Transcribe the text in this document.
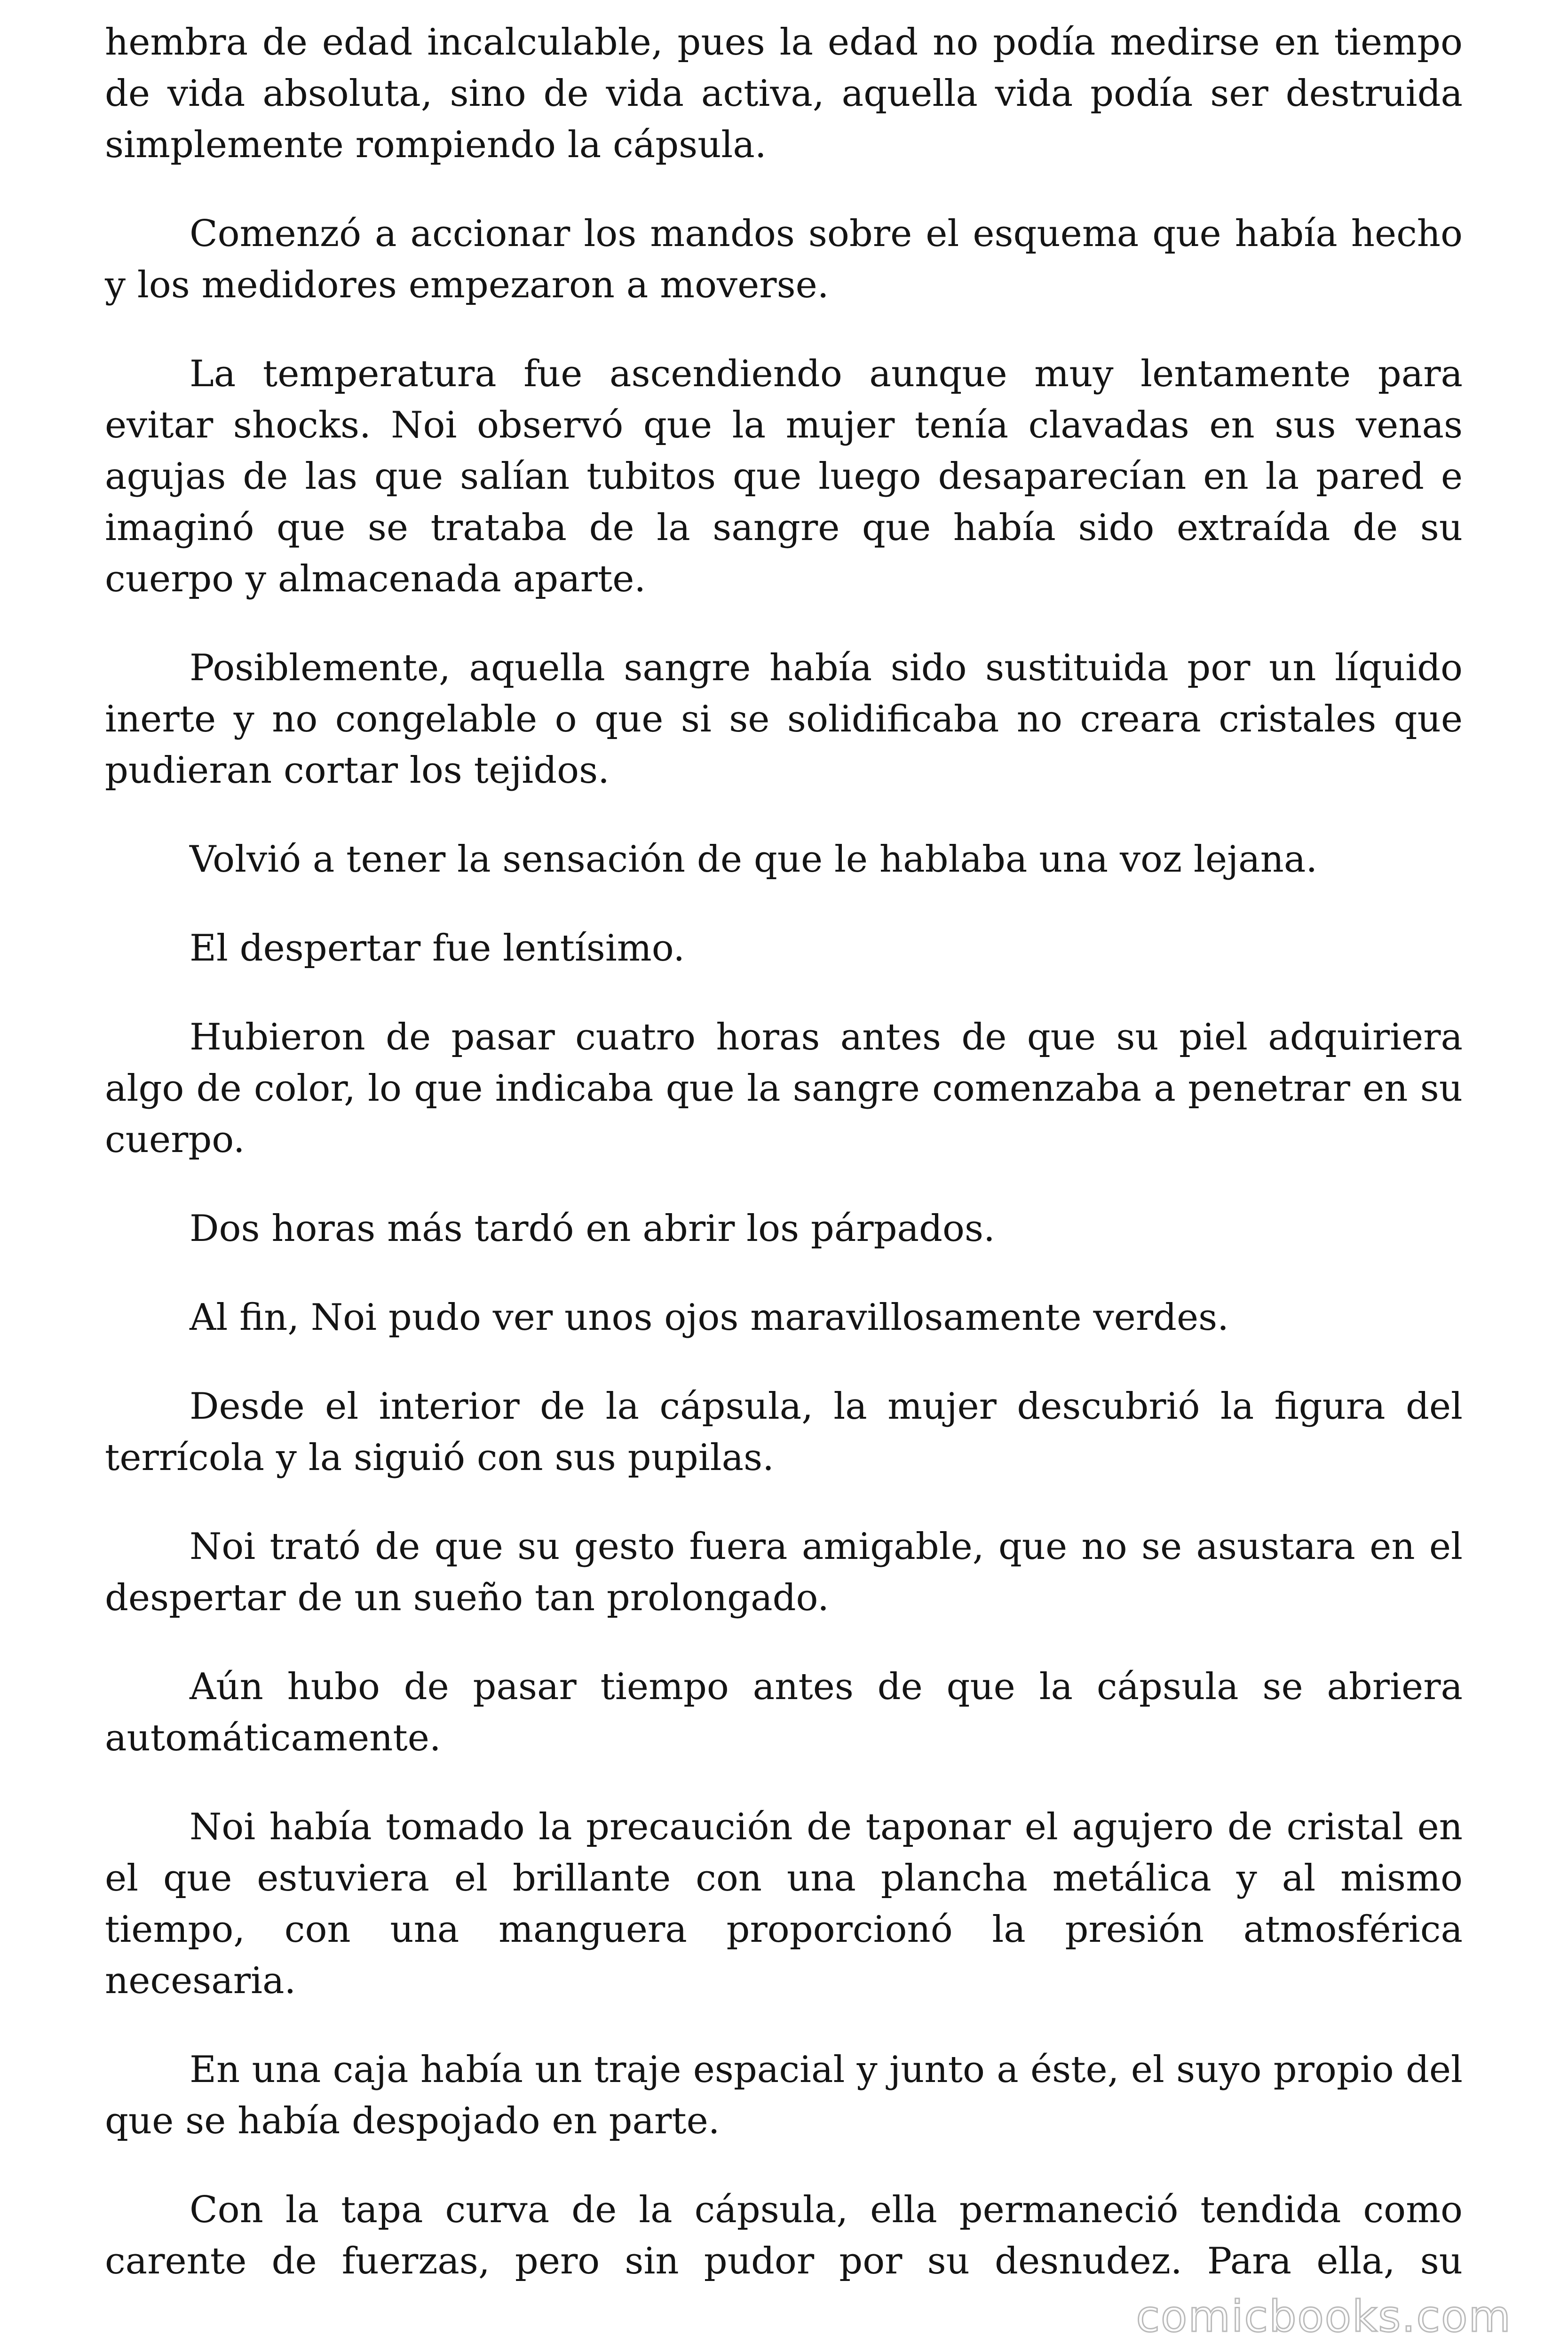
hembra de edad incalculable, pues la edad no podía medirse en tiempo de vida absoluta, sino de vida activa, aquella vida podía ser destruida simplemente rompiendo la cápsula.

Comenzó a accionar los mandos sobre el esquema que había hecho y los medidores empezaron a moverse.

La temperatura fue ascendiendo aunque muy lentamente para evitar shocks. Noi observó que la mujer tenía clavadas en sus venas agujas de las que salían tubitos que luego desaparecían en la pared e imaginó que se trataba de la sangre que había sido extraída de su cuerpo y almacenada aparte.

Posiblemente, aquella sangre había sido sustituida por un líquido inerte y no congelable o que si se solidificaba no creara cristales que pudieran cortar los tejidos.

Volvió a tener la sensación de que le hablaba una voz lejana.

El despertar fue lentísimo.

Hubieron de pasar cuatro horas antes de que su piel adquiriera algo de color, lo que indicaba que la sangre comenzaba a penetrar en su cuerpo.

Dos horas más tardó en abrir los párpados.

Al fin, Noi pudo ver unos ojos maravillosamente verdes.

Desde el interior de la cápsula, la mujer descubrió la figura del terrícola y la siguió con sus pupilas.

Noi trató de que su gesto fuera amigable, que no se asustara en el despertar de un sueño tan prolongado.

Aún hubo de pasar tiempo antes de que la cápsula se abriera automáticamente.

Noi había tomado la precaución de taponar el agujero de cristal en el que estuviera el brillante con una plancha metálica y al mismo tiempo, con una manguera proporcionó la presión atmosférica necesaria.

En una caja había un traje espacial y junto a éste, el suyo propio del que se había despojado en parte.

Con la tapa curva de la cápsula, ella permaneció tendida como carente de fuerzas, pero sin pudor por su desnudez. Para ella, su

comicbooks.com
